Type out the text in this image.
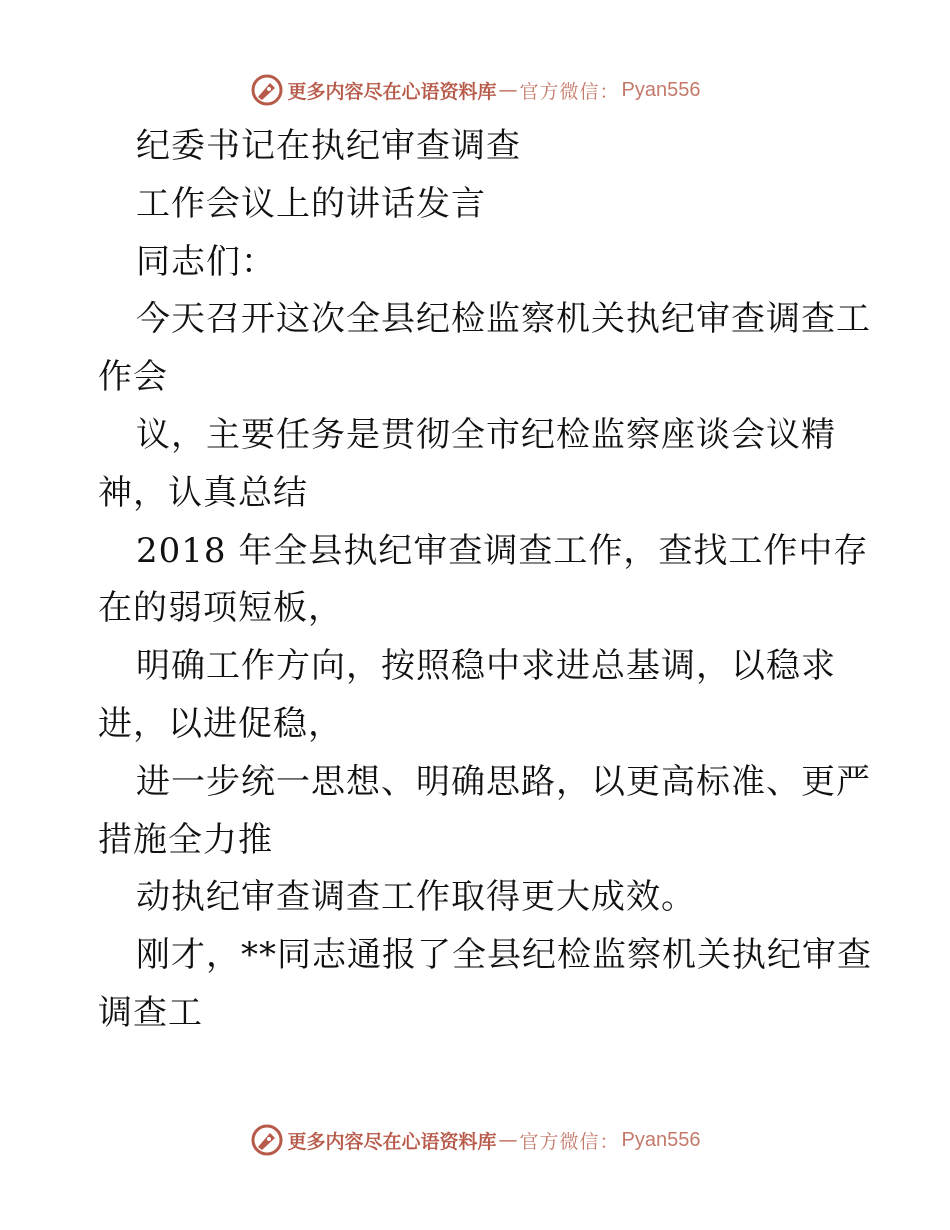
更多内容尽在心语资料库 — 官方微信： Pyan556
纪委书记在执纪审查调查
工作会议上的讲话发言
同志们：
今天召开这次全县纪检监察机关执纪审查调查工
作会
议，主要任务是贯彻全市纪检监察座谈会议精
神，认真总结
2018 年全县执纪审查调查工作，查找工作中存
在的弱项短板，
明确工作方向，按照稳中求进总基调，以稳求
进，以进促稳，
进一步统一思想、明确思路，以更高标准、更严
措施全力推
动执纪审查调查工作取得更大成效。
刚才，**同志通报了全县纪检监察机关执纪审查
调查工
更多内容尽在心语资料库 — 官方微信： Pyan556
